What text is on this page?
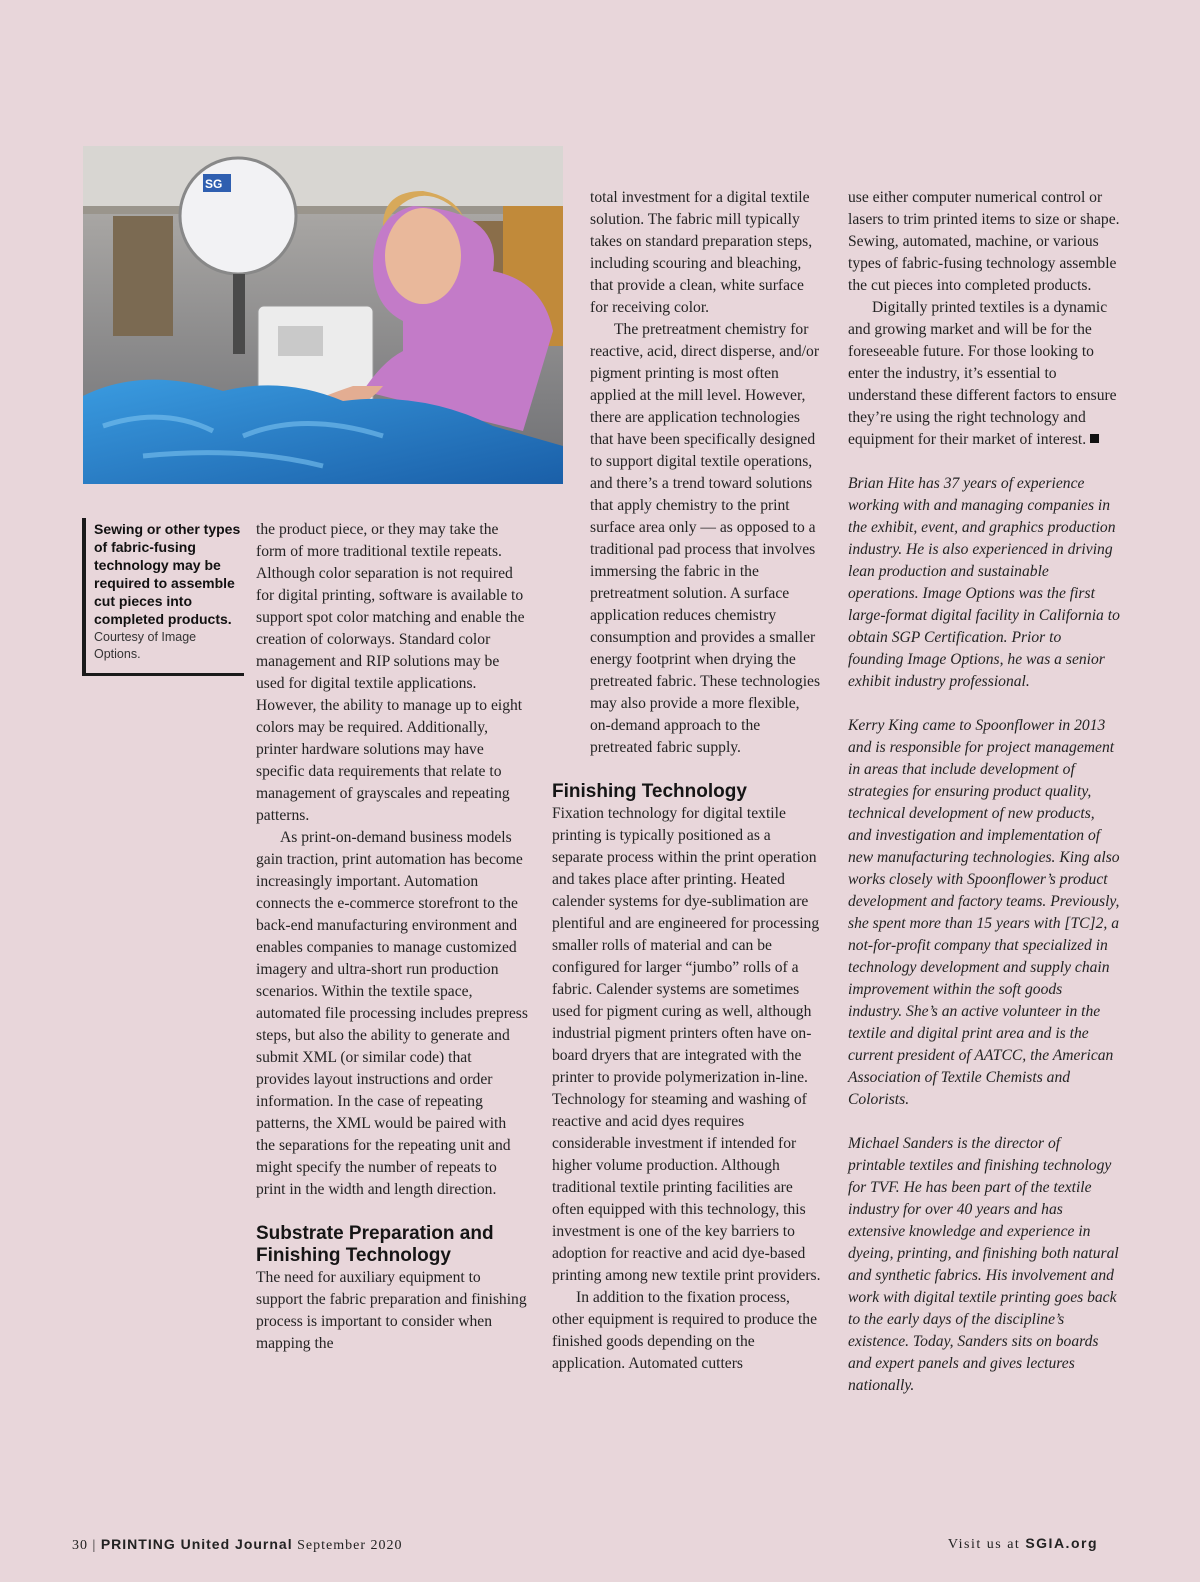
SG
Sewing or other types of fabric-fusing technology may be required to assemble cut pieces into completed products.
Courtesy of Image Options.

the product piece, or they may take the form of more traditional textile repeats. Although color separation is not required for digital printing, software is available to support spot color matching and enable the creation of colorways. Standard color management and RIP solutions may be used for digital textile applications. However, the ability to manage up to eight colors may be required. Additionally, printer hardware solutions may have specific data requirements that relate to management of grayscales and repeating patterns.

As print-on-demand business models gain traction, print automation has become increasingly important. Automation connects the e-commerce storefront to the back-end manufacturing environment and enables companies to manage customized imagery and ultra-short run production scenarios. Within the textile space, automated file processing includes prepress steps, but also the ability to generate and submit XML (or similar code) that provides layout instructions and order information. In the case of repeating patterns, the XML would be paired with the separations for the repeating unit and might specify the number of repeats to print in the width and length direction.

Substrate Preparation and Finishing Technology

The need for auxiliary equipment to support the fabric preparation and finishing process is important to consider when mapping the

total investment for a digital textile solution. The fabric mill typically takes on standard preparation steps, including scouring and bleaching, that provide a clean, white surface for receiving color.

The pretreatment chemistry for reactive, acid, direct disperse, and/or pigment printing is most often applied at the mill level. However, there are application technologies that have been specifically designed to support digital textile operations, and there’s a trend toward solutions that apply chemistry to the print surface area only — as opposed to a traditional pad process that involves immersing the fabric in the pretreatment solution. A surface application reduces chemistry consumption and provides a smaller energy footprint when drying the pretreated fabric. These technologies may also provide a more flexible, on-demand approach to the pretreated fabric supply.

Finishing Technology

Fixation technology for digital textile printing is typically positioned as a separate process within the print operation and takes place after printing. Heated calender systems for dye-sublimation are plentiful and are engineered for processing smaller rolls of material and can be configured for larger “jumbo” rolls of a fabric. Calender systems are sometimes used for pigment curing as well, although industrial pigment printers often have on-board dryers that are integrated with the printer to provide polymerization in-line. Technology for steaming and washing of reactive and acid dyes requires considerable investment if intended for higher volume production. Although traditional textile printing facilities are often equipped with this technology, this investment is one of the key barriers to adoption for reactive and acid dye-based printing among new textile print providers.

In addition to the fixation process, other equipment is required to produce the finished goods depending on the application. Automated cutters

use either computer numerical control or lasers to trim printed items to size or shape. Sewing, automated, machine, or various types of fabric-fusing technology assemble the cut pieces into completed products.

Digitally printed textiles is a dynamic and growing market and will be for the foreseeable future. For those looking to enter the industry, it’s essential to understand these different factors to ensure they’re using the right technology and equipment for their market of interest.

Brian Hite has 37 years of experience working with and managing companies in the exhibit, event, and graphics production industry. He is also experienced in driving lean production and sustainable operations. Image Options was the first large-format digital facility in California to obtain SGP Certification. Prior to founding Image Options, he was a senior exhibit industry professional.

Kerry King came to Spoonflower in 2013 and is responsible for project management in areas that include development of strategies for ensuring product quality, technical development of new products, and investigation and implementation of new manufacturing technologies. King also works closely with Spoonflower’s product development and factory teams. Previously, she spent more than 15 years with [TC]2, a not-for-profit company that specialized in technology development and supply chain improvement within the soft goods industry. She’s an active volunteer in the textile and digital print area and is the current president of AATCC, the American Association of Textile Chemists and Colorists.

Michael Sanders is the director of printable textiles and finishing technology for TVF. He has been part of the textile industry for over 40 years and has extensive knowledge and experience in dyeing, printing, and finishing both natural and synthetic fabrics. His involvement and work with digital textile printing goes back to the early days of the discipline’s existence. Today, Sanders sits on boards and expert panels and gives lectures nationally.

30 | PRINTING United Journal September 2020	Visit us at SGIA.org
